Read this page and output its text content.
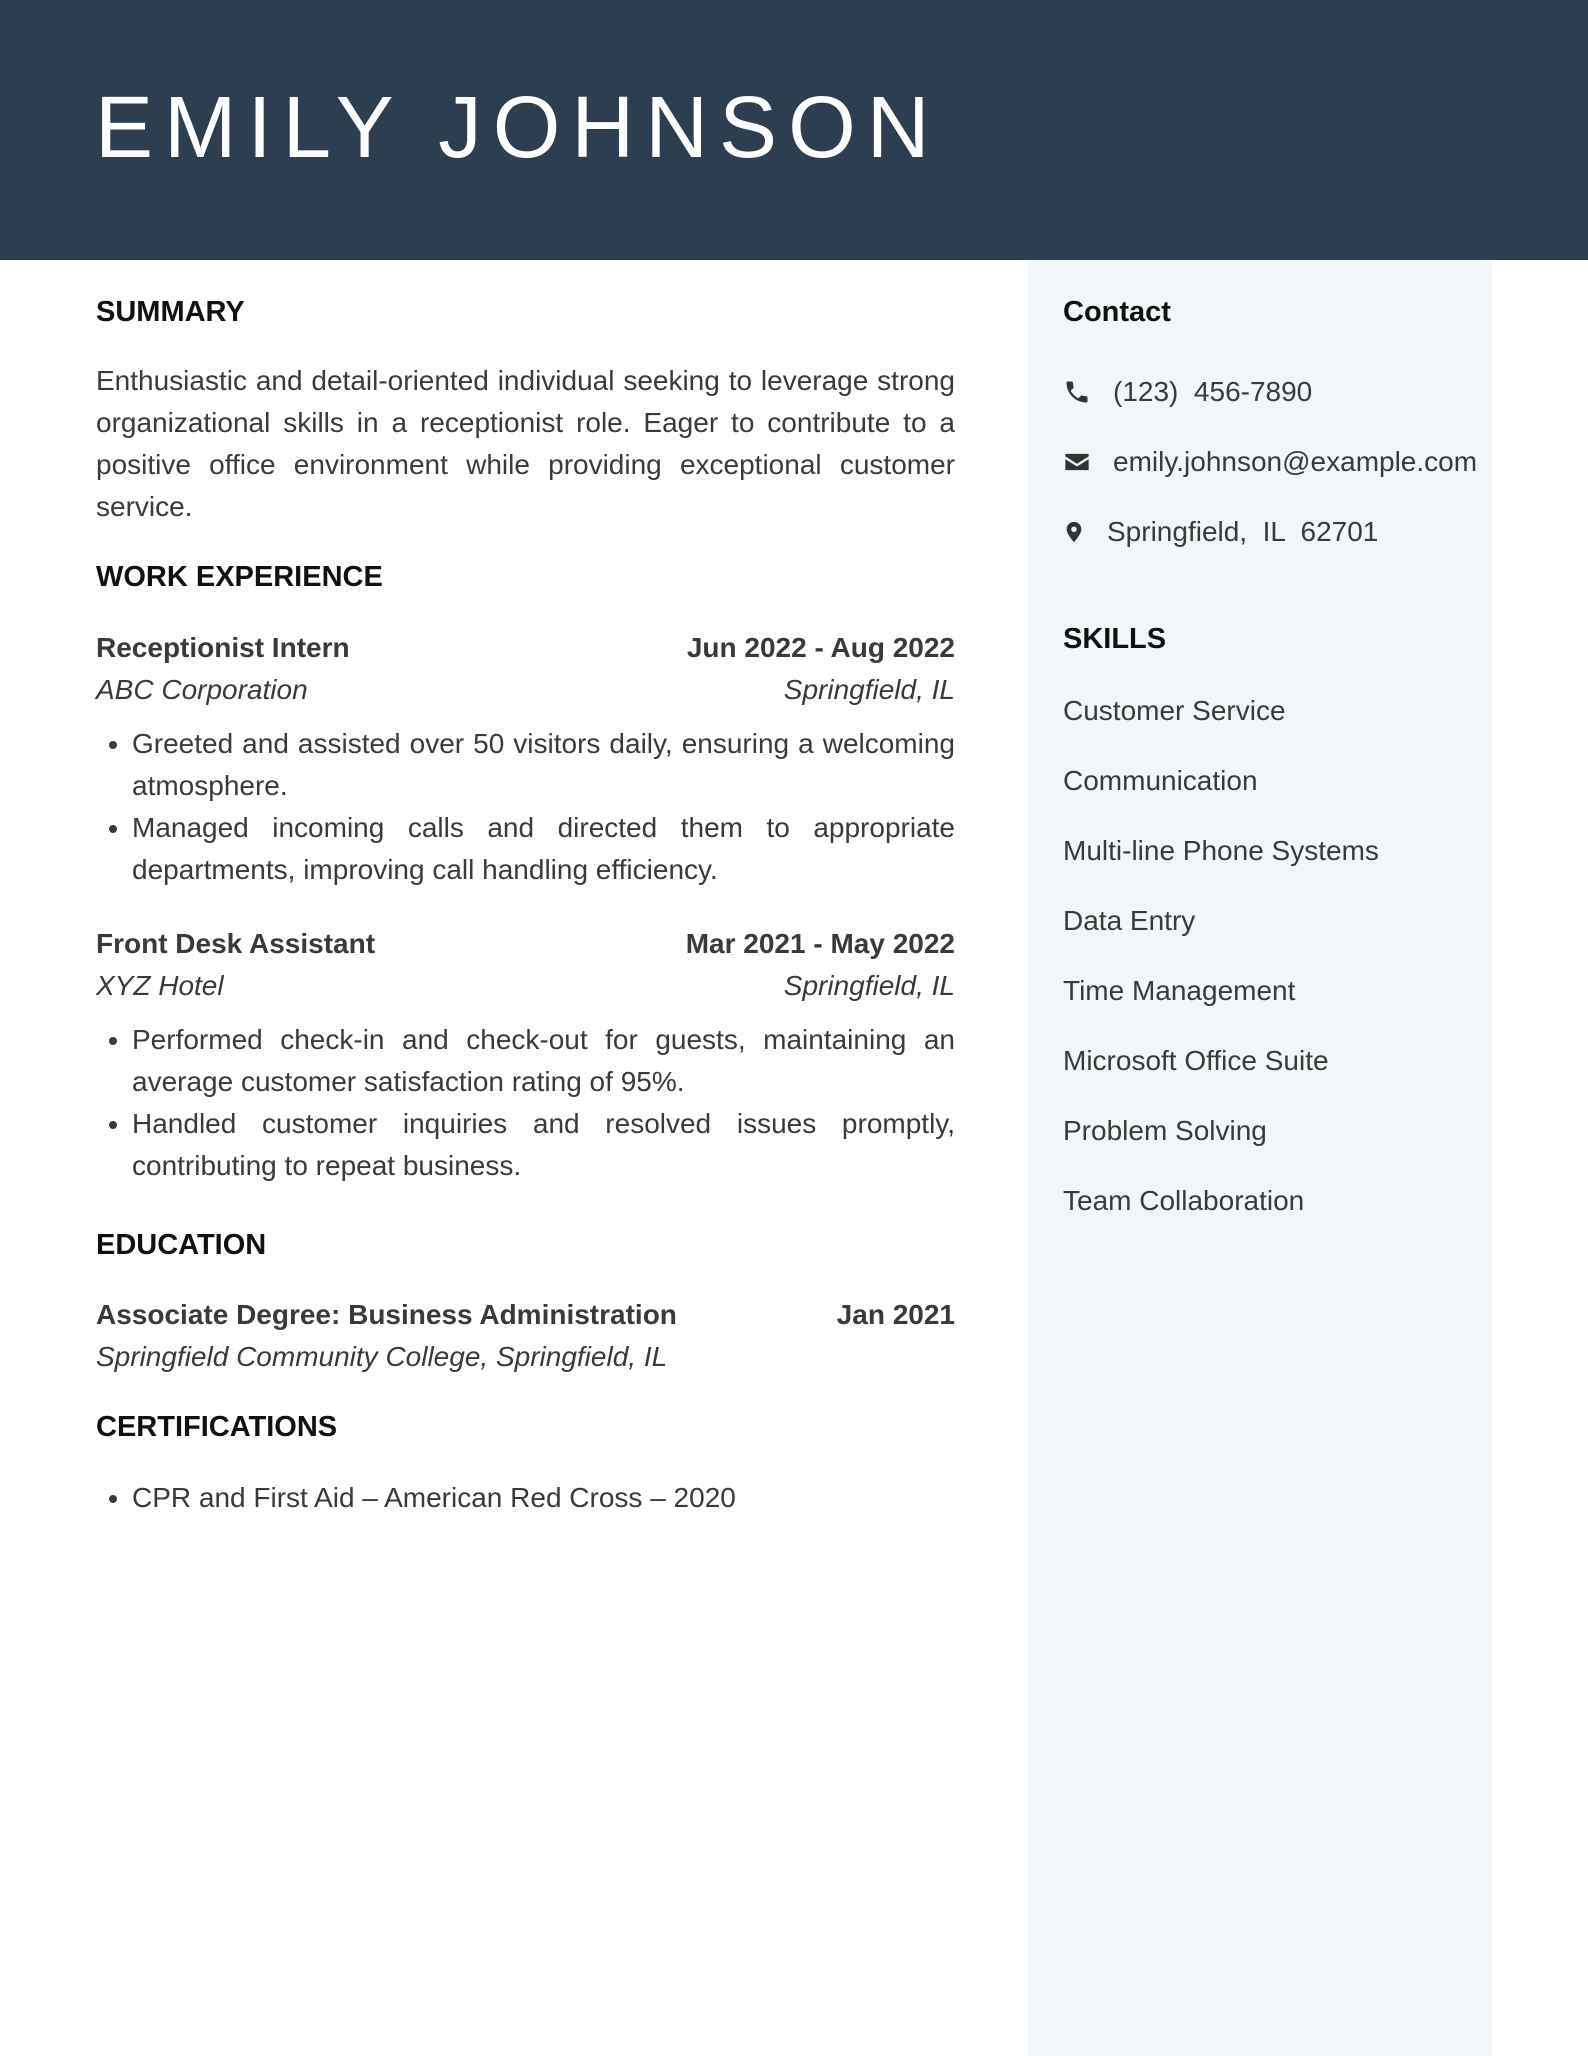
EMILY JOHNSON
SUMMARY

Enthusiastic and detail-oriented individual seeking to leverage strong organizational skills in a receptionist role. Eager to contribute to a positive office environment while providing exceptional customer service.

WORK EXPERIENCE
Receptionist Intern	Jun 2022 - Aug 2022
ABC Corporation	Springfield, IL
• Greeted and assisted over 50 visitors daily, ensuring a welcoming atmosphere.
• Managed incoming calls and directed them to appropriate departments, improving call handling efficiency.
Front Desk Assistant	Mar 2021 - May 2022
XYZ Hotel	Springfield, IL
• Performed check-in and check-out for guests, maintaining an average customer satisfaction rating of 95%.
• Handled customer inquiries and resolved issues promptly, contributing to repeat business.
EDUCATION
Associate Degree: Business Administration	Jan 2021
Springfield Community College, Springfield, IL
CERTIFICATIONS
• CPR and First Aid – American Red Cross – 2020
Contact
(123)  456-7890
emily.johnson@example.com
Springfield,  IL  62701
SKILLS
Customer Service
Communication
Multi-line Phone Systems
Data Entry
Time Management
Microsoft Office Suite
Problem Solving
Team Collaboration
